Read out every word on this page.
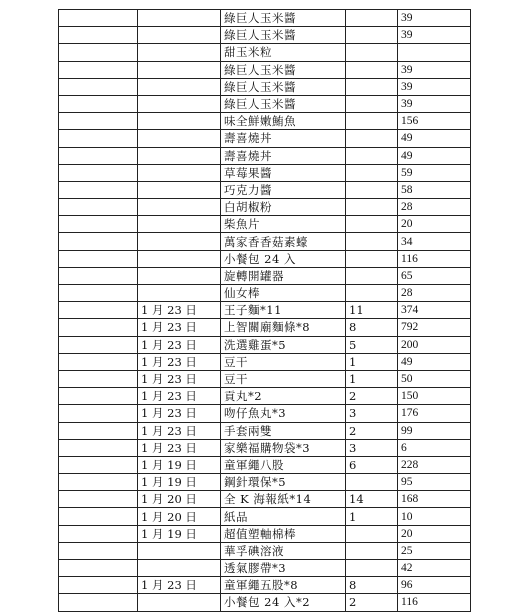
		綠巨人玉米醬		39
		綠巨人玉米醬		39
		甜玉米粒		
		綠巨人玉米醬		39
		綠巨人玉米醬		39
		綠巨人玉米醬		39
		味全鮮嫩鮪魚		156
		壽喜燒丼		49
		壽喜燒丼		49
		草莓果醬		59
		巧克力醬		58
		白胡椒粉		28
		柴魚片		20
		萬家香香菇素蠔		34
		小餐包 24 入		116
		旋轉開罐器		65
		仙女棒		28
	1 月 23 日	王子麵*11	11	374
	1 月 23 日	上智關廟麵條*8	8	792
	1 月 23 日	洗選雞蛋*5	5	200
	1 月 23 日	豆干	1	49
	1 月 23 日	豆干	1	50
	1 月 23 日	貢丸*2	2	150
	1 月 23 日	吻仔魚丸*3	3	176
	1 月 23 日	手套兩雙	2	99
	1 月 23 日	家樂福購物袋*3	3	6
	1 月 19 日	童軍繩八股	6	228
	1 月 19 日	鋼針環保*5		95
	1 月 20 日	全 K 海報紙*14	14	168
	1 月 20 日	紙品	1	10
	1 月 19 日	超值塑軸棉棒		20
		華孚碘溶液		25
		透氣膠帶*3		42
	1 月 23 日	童軍繩五股*8	8	96
		小餐包 24 入*2	2	116
